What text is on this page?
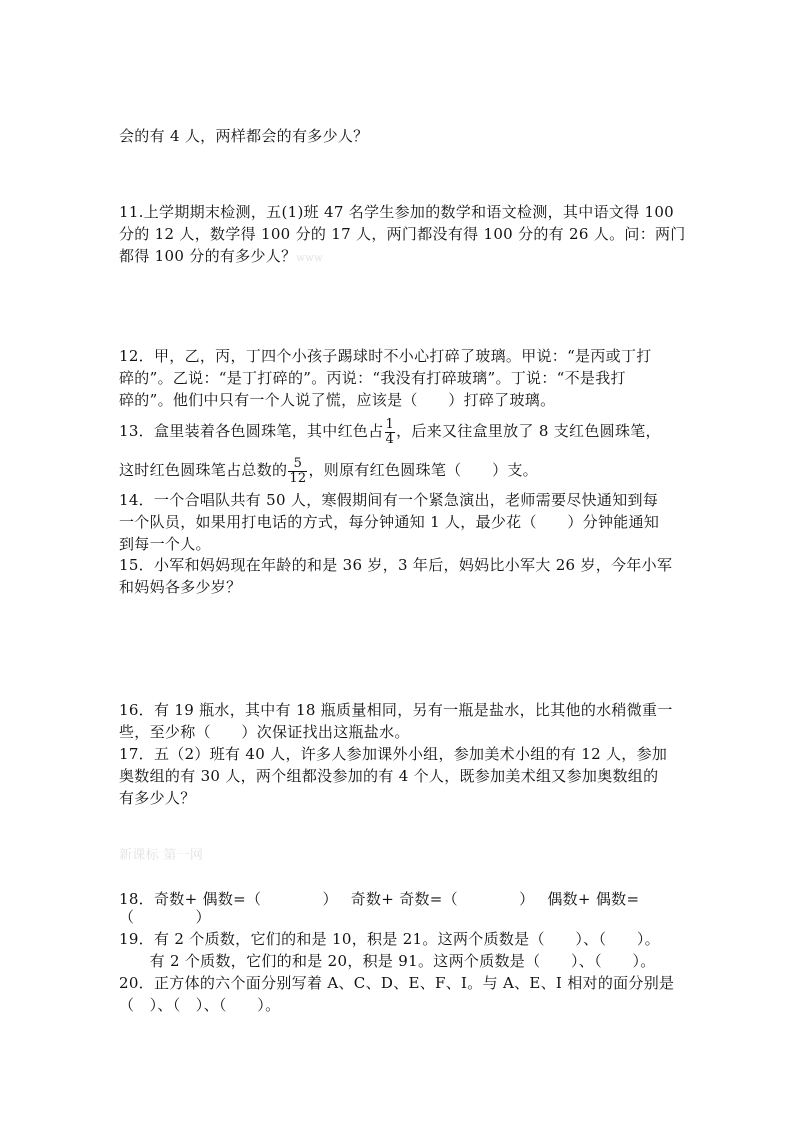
会的有 4 人，两样都会的有多少人？
11.上学期期末检测，五(1)班 47 名学生参加的数学和语文检测，其中语文得 100
分的 12 人，数学得 100 分的 17 人，两门都没有得 100 分的有 26 人。问：两门
都得 100 分的有多少人？www
12．甲，乙，丙，丁四个小孩子踢球时不小心打碎了玻璃。甲说：“是丙或丁打
碎的”。乙说：“是丁打碎的”。丙说：“我没有打碎玻璃”。丁说：“不是我打
碎的”。他们中只有一个人说了慌，应该是（　　）打碎了玻璃。
13．盒里装着各色圆珠笔，其中红色占 $\frac{1}{4}$ ，后来又往盒里放了 8 支红色圆珠笔，
这时红色圆珠笔占总数的 $\frac{5}{12}$ ，则原有红色圆珠笔（　　）支。
14．一个合唱队共有 50 人，寒假期间有一个紧急演出，老师需要尽快通知到每
一个队员，如果用打电话的方式，每分钟通知 1 人，最少花（　　）分钟能通知
到每一个人。
15．小军和妈妈现在年龄的和是 36 岁，3 年后，妈妈比小军大 26 岁，今年小军
和妈妈各多少岁？
16．有 19 瓶水，其中有 18 瓶质量相同，另有一瓶是盐水，比其他的水稍微重一
些，至少称（　　）次保证找出这瓶盐水。
17．五（2）班有 40 人，许多人参加课外小组，参加美术小组的有 12 人，参加
奥数组的有 30 人，两个组都没参加的有 4 个人，既参加美术组又参加奥数组的
有多少人？
新课标 第一网
18．奇数+ 偶数=（　　　　）　 奇数+ 奇数=（　　　　）　 偶数+ 偶数=
（　　　　）
19．有 2 个质数，它们的和是 10，积是 21。这两个质数是（　　）、（　　）。
　　有 2 个质数，它们的和是 20，积是 91。这两个质数是（　　）、（　　）。
20．正方体的六个面分别写着 A、C、D、E、F、I。与 A、E、I 相对的面分别是
（　）、（　）、（　　）。
